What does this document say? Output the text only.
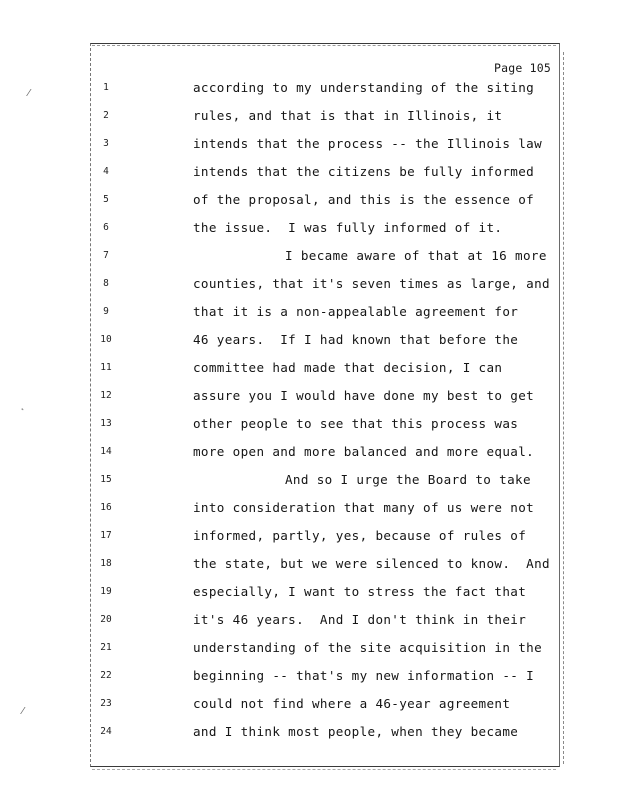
⁄
˛
⁄
Page 105
1	according to my understanding of the siting
2	rules, and that is that in Illinois, it
3	intends that the process -- the Illinois law
4	intends that the citizens be fully informed
5	of the proposal, and this is the essence of
6	the issue.  I was fully informed of it.
7	I became aware of that at 16 more
8	counties, that it's seven times as large, and
9	that it is a non-appealable agreement for
10	46 years.  If I had known that before the
11	committee had made that decision, I can
12	assure you I would have done my best to get
13	other people to see that this process was
14	more open and more balanced and more equal.
15	And so I urge the Board to take
16	into consideration that many of us were not
17	informed, partly, yes, because of rules of
18	the state, but we were silenced to know.  And
19	especially, I want to stress the fact that
20	it's 46 years.  And I don't think in their
21	understanding of the site acquisition in the
22	beginning -- that's my new information -- I
23	could not find where a 46-year agreement
24	and I think most people, when they became
